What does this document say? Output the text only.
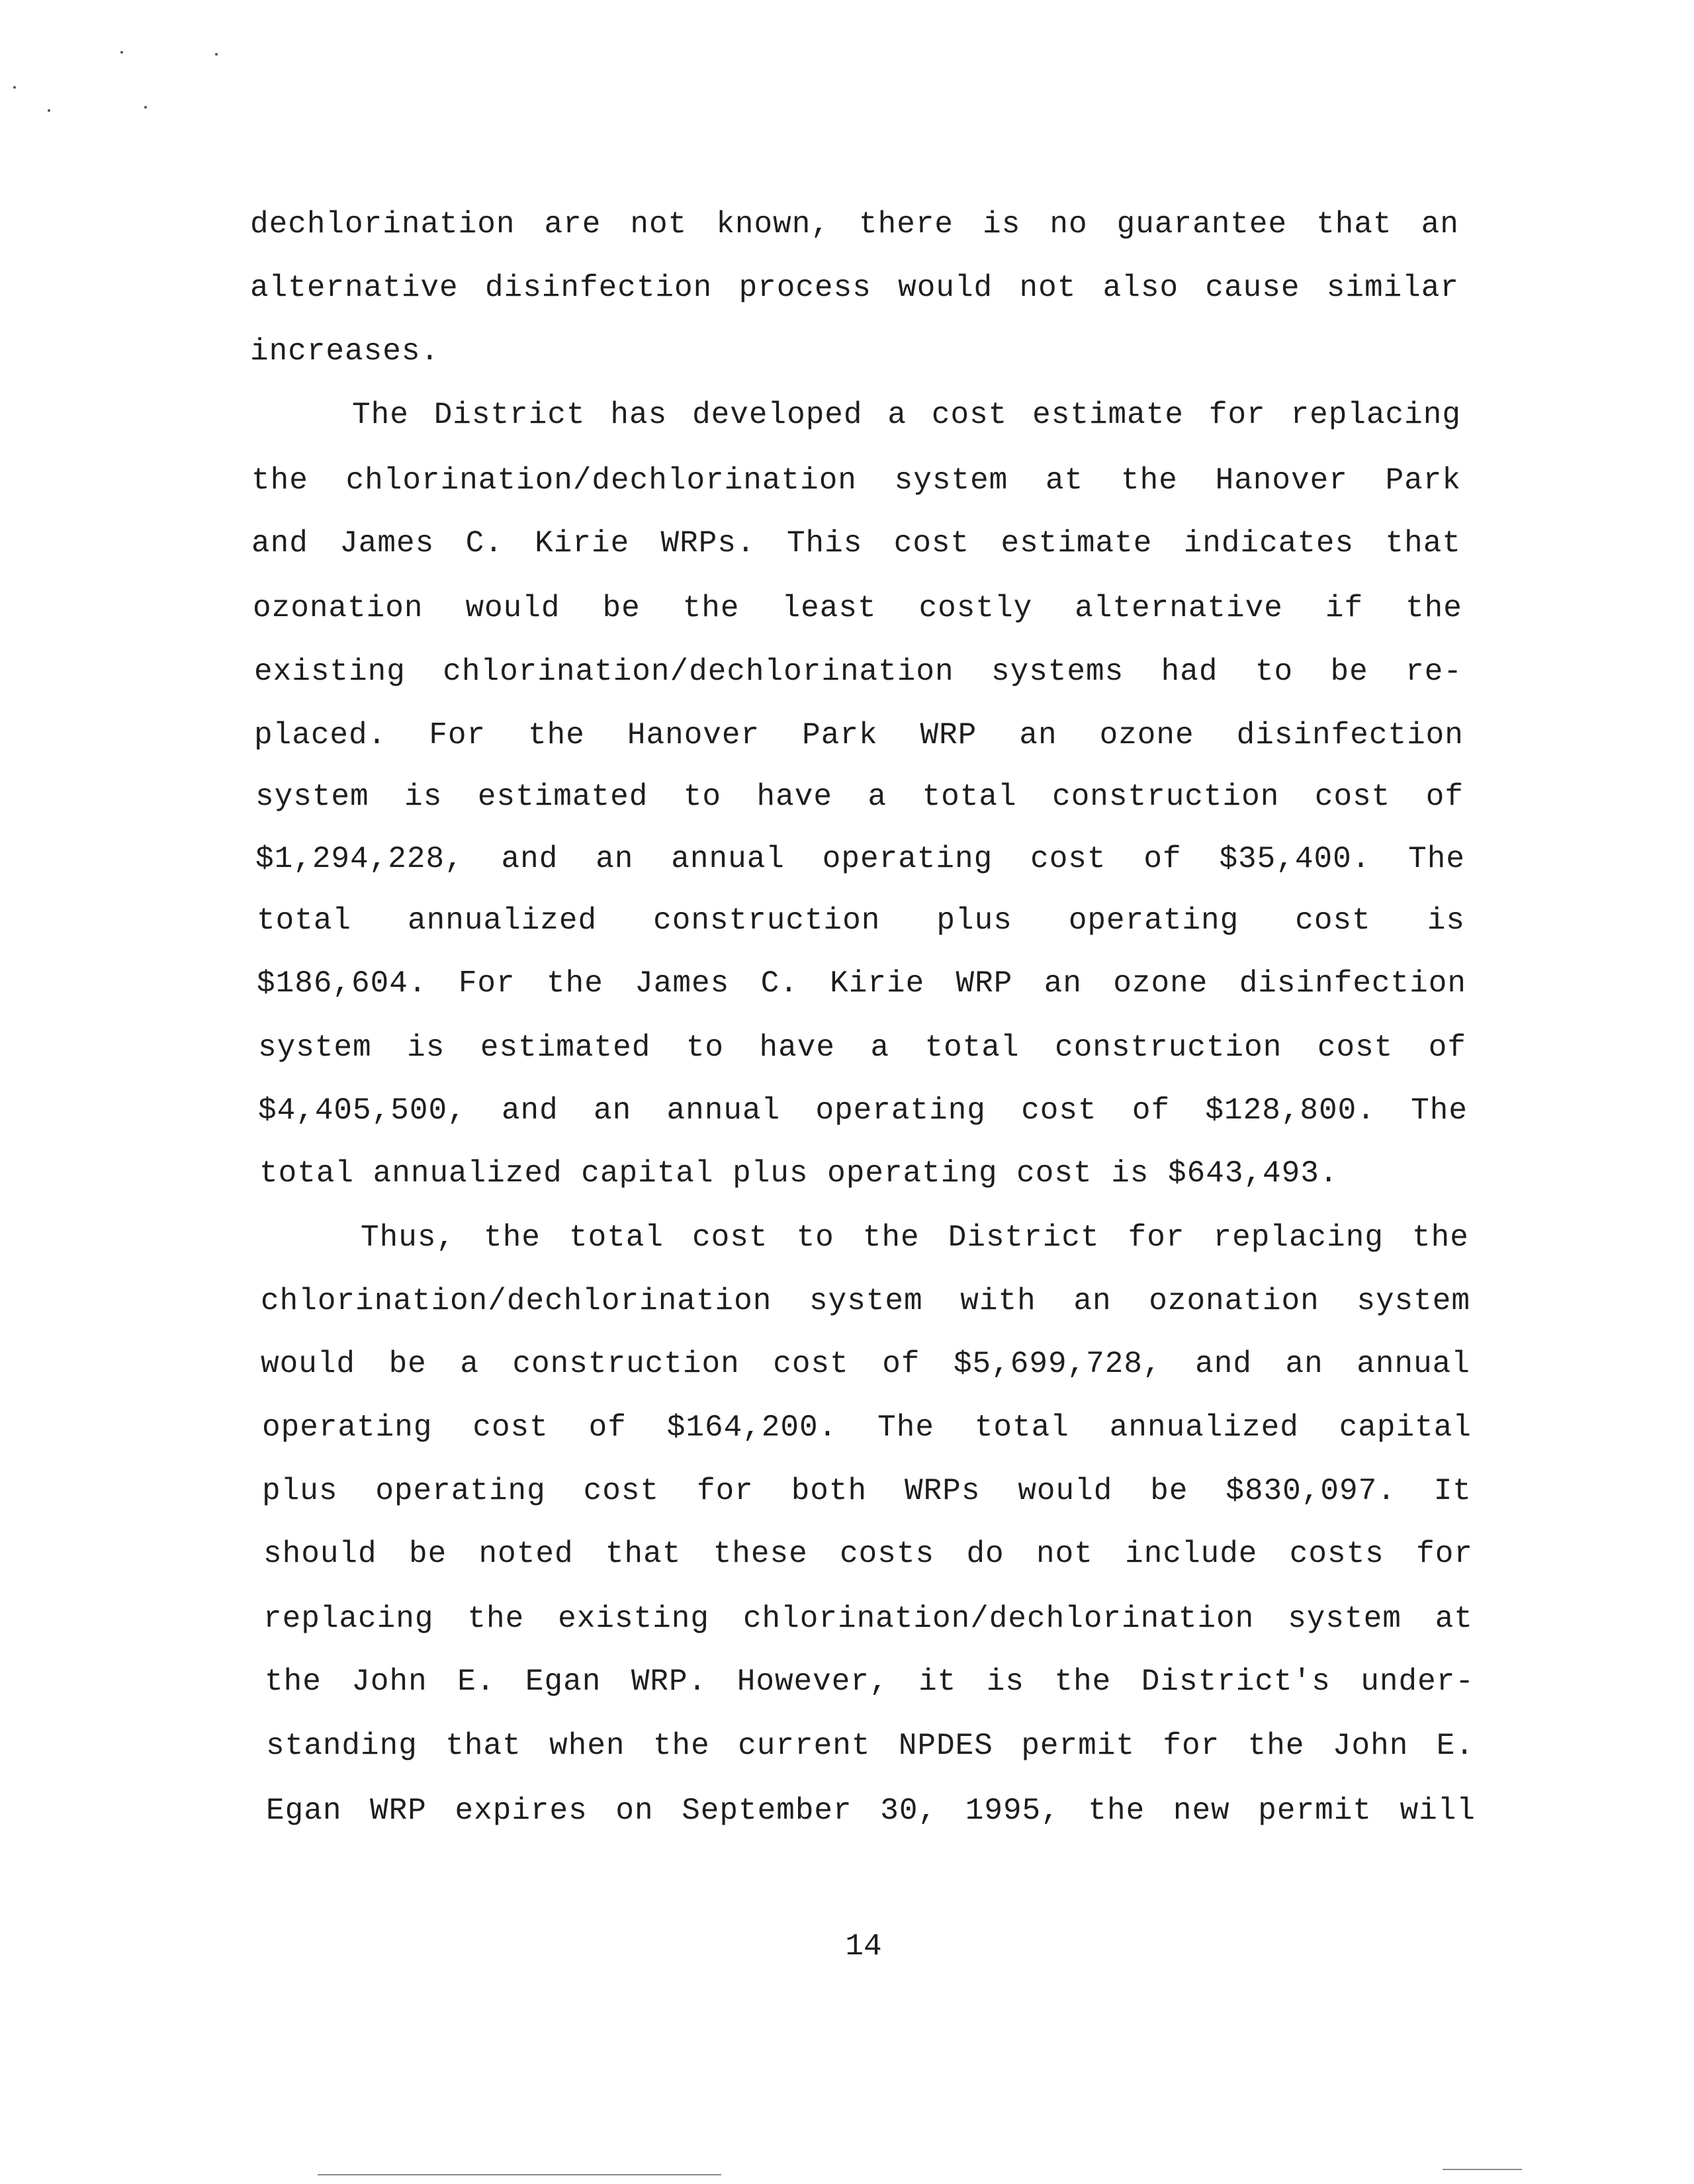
14
dechlorination are not known, there is no guarantee that an
alternative disinfection process would not also cause similar
increases.
The District has developed a cost estimate for replacing
the chlorination/dechlorination system at the Hanover Park
and James C. Kirie WRPs. This cost estimate indicates that
ozonation would be the least costly alternative if the
existing chlorination/dechlorination systems had to be re-
placed. For the Hanover Park WRP an ozone disinfection
system is estimated to have a total construction cost of
$1,294,228, and an annual operating cost of $35,400. The
total annualized construction plus operating cost is
$186,604. For the James C. Kirie WRP an ozone disinfection
system is estimated to have a total construction cost of
$4,405,500, and an annual operating cost of $128,800. The
total annualized capital plus operating cost is $643,493.
Thus, the total cost to the District for replacing the
chlorination/dechlorination system with an ozonation system
would be a construction cost of $5,699,728, and an annual
operating cost of $164,200. The total annualized capital
plus operating cost for both WRPs would be $830,097. It
should be noted that these costs do not include costs for
replacing the existing chlorination/dechlorination system at
the John E. Egan WRP. However, it is the District's under-
standing that when the current NPDES permit for the John E.
Egan WRP expires on September 30, 1995, the new permit will
